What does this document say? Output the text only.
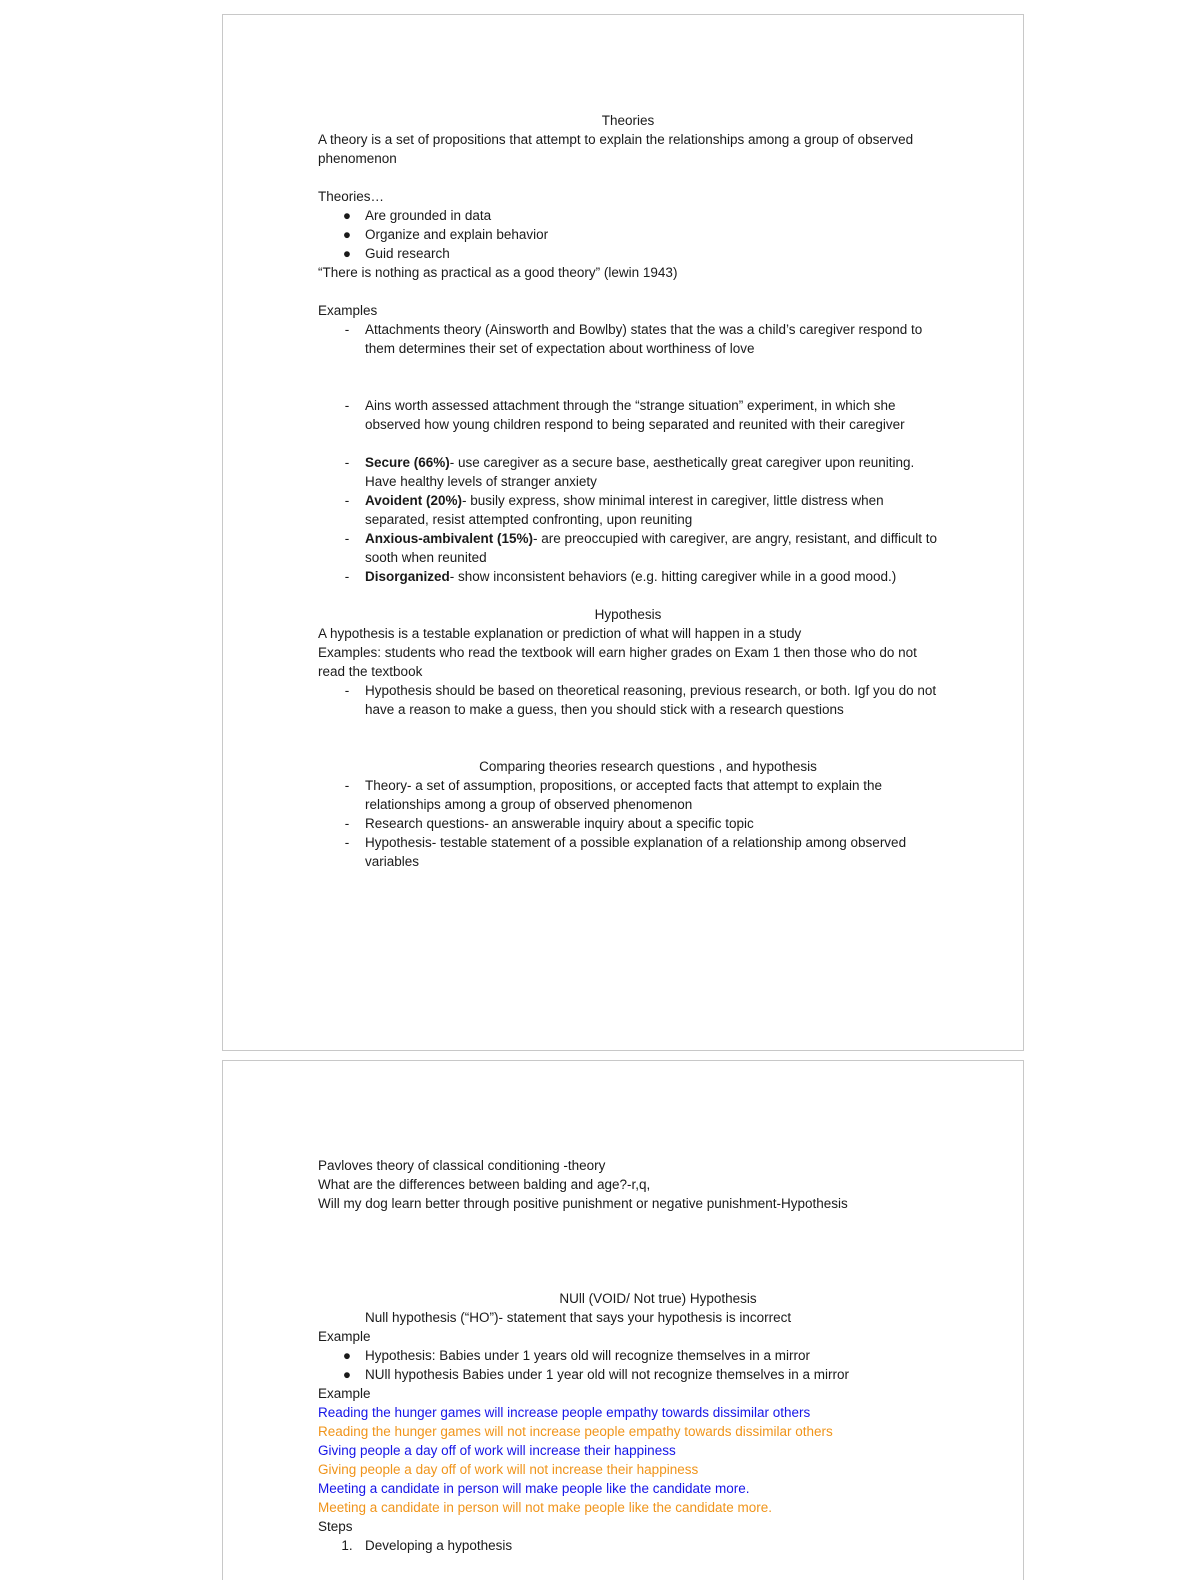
Theories

A theory is a set of propositions that attempt to explain the relationships among a group of observed phenomenon

Theories…

● Are grounded in data
● Organize and explain behavior
● Guid research

“There is nothing as practical as a good theory” (lewin 1943)

Examples

-	Attachments theory (Ainsworth and Bowlby) states that the was a child’s caregiver respond to them determines their set of expectation about worthiness of love
-	Ains worth assessed attachment through the “strange situation” experiment, in which she observed how young children respond to being separated and reunited with their caregiver
-	Secure (66%)- use caregiver as a secure base, aesthetically great caregiver upon reuniting. Have healthy levels of stranger anxiety
-	Avoident (20%)- busily express, show minimal interest in caregiver, little distress when separated, resist attempted confronting, upon reuniting
-	Anxious-ambivalent (15%)- are preoccupied with caregiver, are angry, resistant, and difficult to sooth when reunited
-	Disorganized- show inconsistent behaviors (e.g. hitting caregiver while in a good mood.)

Hypothesis

A hypothesis is a testable explanation or prediction of what will happen in a study

Examples: students who read the textbook will earn higher grades on Exam 1 then those who do not read the textbook

-	Hypothesis should be based on theoretical reasoning, previous research, or both. Igf you do not have a reason to make a guess, then you should stick with a research questions

Comparing theories research questions , and hypothesis

-	Theory- a set of assumption, propositions, or accepted facts that attempt to explain the relationships among a group of observed phenomenon
-	Research questions- an answerable inquiry about a specific topic
-	Hypothesis- testable statement of a possible explanation of a relationship among observed variables

Pavloves theory of classical conditioning -theory

What are the differences between balding and age?-r,q,

Will my dog learn better through positive punishment or negative punishment-Hypothesis

NUll (VOID/ Not true) Hypothesis

Null hypothesis (“HO”)- statement that says your hypothesis is incorrect

Example

● Hypothesis: Babies under 1 years old will recognize themselves in a mirror
● NUll hypothesis Babies under 1 year old will not recognize themselves in a mirror

Example

Reading the hunger games will increase people empathy towards dissimilar others

Reading the hunger games will not increase people empathy towards dissimilar others

Giving people a day off of work will increase their happiness

Giving people a day off of work will not increase their happiness

Meeting a candidate in person will make people like the candidate more.

Meeting a candidate in person will not make people like the candidate more.

Steps

1. Developing a hypothesis
